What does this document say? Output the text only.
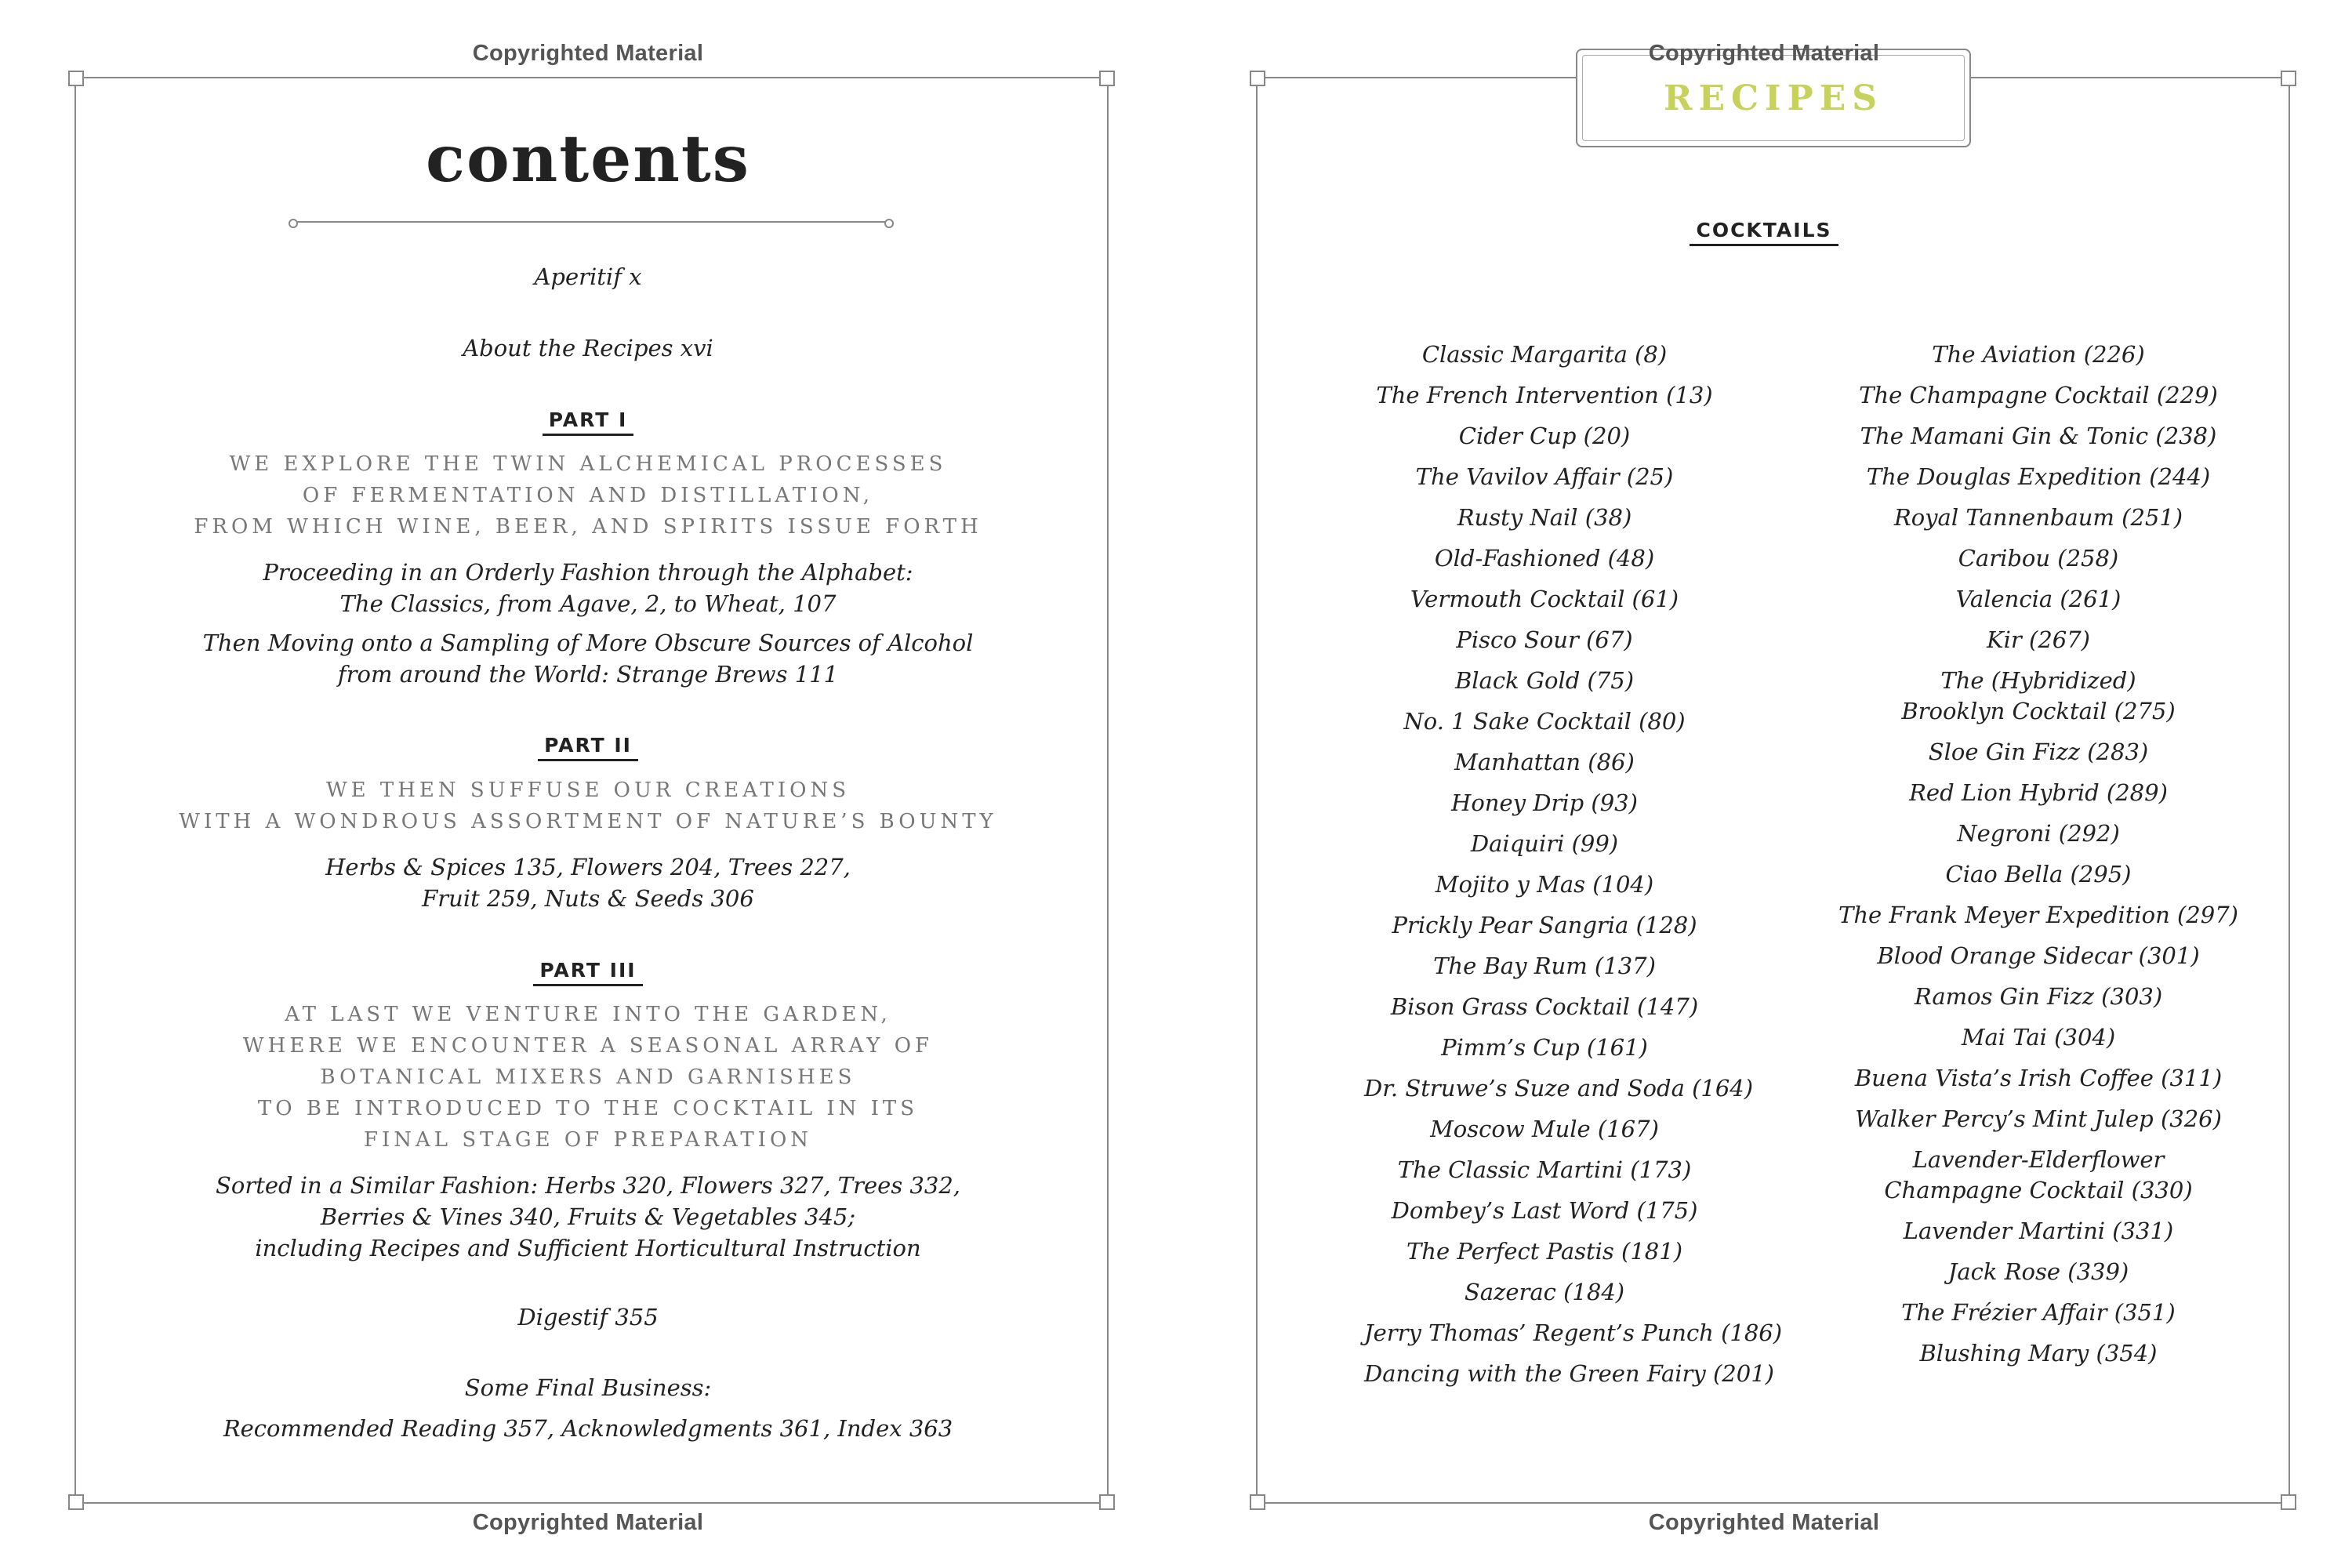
Copyrighted Material
contents
Aperitif x
About the Recipes xvi
PART I
WE EXPLORE THE TWIN ALCHEMICAL PROCESSES
OF FERMENTATION AND DISTILLATION,
FROM WHICH WINE, BEER, AND SPIRITS ISSUE FORTH
Proceeding in an Orderly Fashion through the Alphabet:
The Classics, from Agave, 2, to Wheat, 107
Then Moving onto a Sampling of More Obscure Sources of Alcohol
from around the World: Strange Brews 111
PART II
WE THEN SUFFUSE OUR CREATIONS
WITH A WONDROUS ASSORTMENT OF NATURE’S BOUNTY
Herbs & Spices 135, Flowers 204, Trees 227,
Fruit 259, Nuts & Seeds 306
PART III
AT LAST WE VENTURE INTO THE GARDEN,
WHERE WE ENCOUNTER A SEASONAL ARRAY OF
BOTANICAL MIXERS AND GARNISHES
TO BE INTRODUCED TO THE COCKTAIL IN ITS
FINAL STAGE OF PREPARATION
Sorted in a Similar Fashion: Herbs 320, Flowers 327, Trees 332,
Berries & Vines 340, Fruits & Vegetables 345;
including Recipes and Sufficient Horticultural Instruction
Digestif 355
Some Final Business:
Recommended Reading 357, Acknowledgments 361, Index 363
Copyrighted Material
RECIPES
Copyrighted Material
COCKTAILS
Classic Margarita (8)
The French Intervention (13)
Cider Cup (20)
The Vavilov Affair (25)
Rusty Nail (38)
Old-Fashioned (48)
Vermouth Cocktail (61)
Pisco Sour (67)
Black Gold (75)
No. 1 Sake Cocktail (80)
Manhattan (86)
Honey Drip (93)
Daiquiri (99)
Mojito y Mas (104)
Prickly Pear Sangria (128)
The Bay Rum (137)
Bison Grass Cocktail (147)
Pimm’s Cup (161)
Dr. Struwe’s Suze and Soda (164)
Moscow Mule (167)
The Classic Martini (173)
Dombey’s Last Word (175)
The Perfect Pastis (181)
Sazerac (184)
Jerry Thomas’ Regent’s Punch (186)
Dancing with the Green Fairy (201)
The Aviation (226)
The Champagne Cocktail (229)
The Mamani Gin & Tonic (238)
The Douglas Expedition (244)
Royal Tannenbaum (251)
Caribou (258)
Valencia (261)
Kir (267)
The (Hybridized)
Brooklyn Cocktail (275)
Sloe Gin Fizz (283)
Red Lion Hybrid (289)
Negroni (292)
Ciao Bella (295)
The Frank Meyer Expedition (297)
Blood Orange Sidecar (301)
Ramos Gin Fizz (303)
Mai Tai (304)
Buena Vista’s Irish Coffee (311)
Walker Percy’s Mint Julep (326)
Lavender-Elderflower
Champagne Cocktail (330)
Lavender Martini (331)
Jack Rose (339)
The Frézier Affair (351)
Blushing Mary (354)
Copyrighted Material
